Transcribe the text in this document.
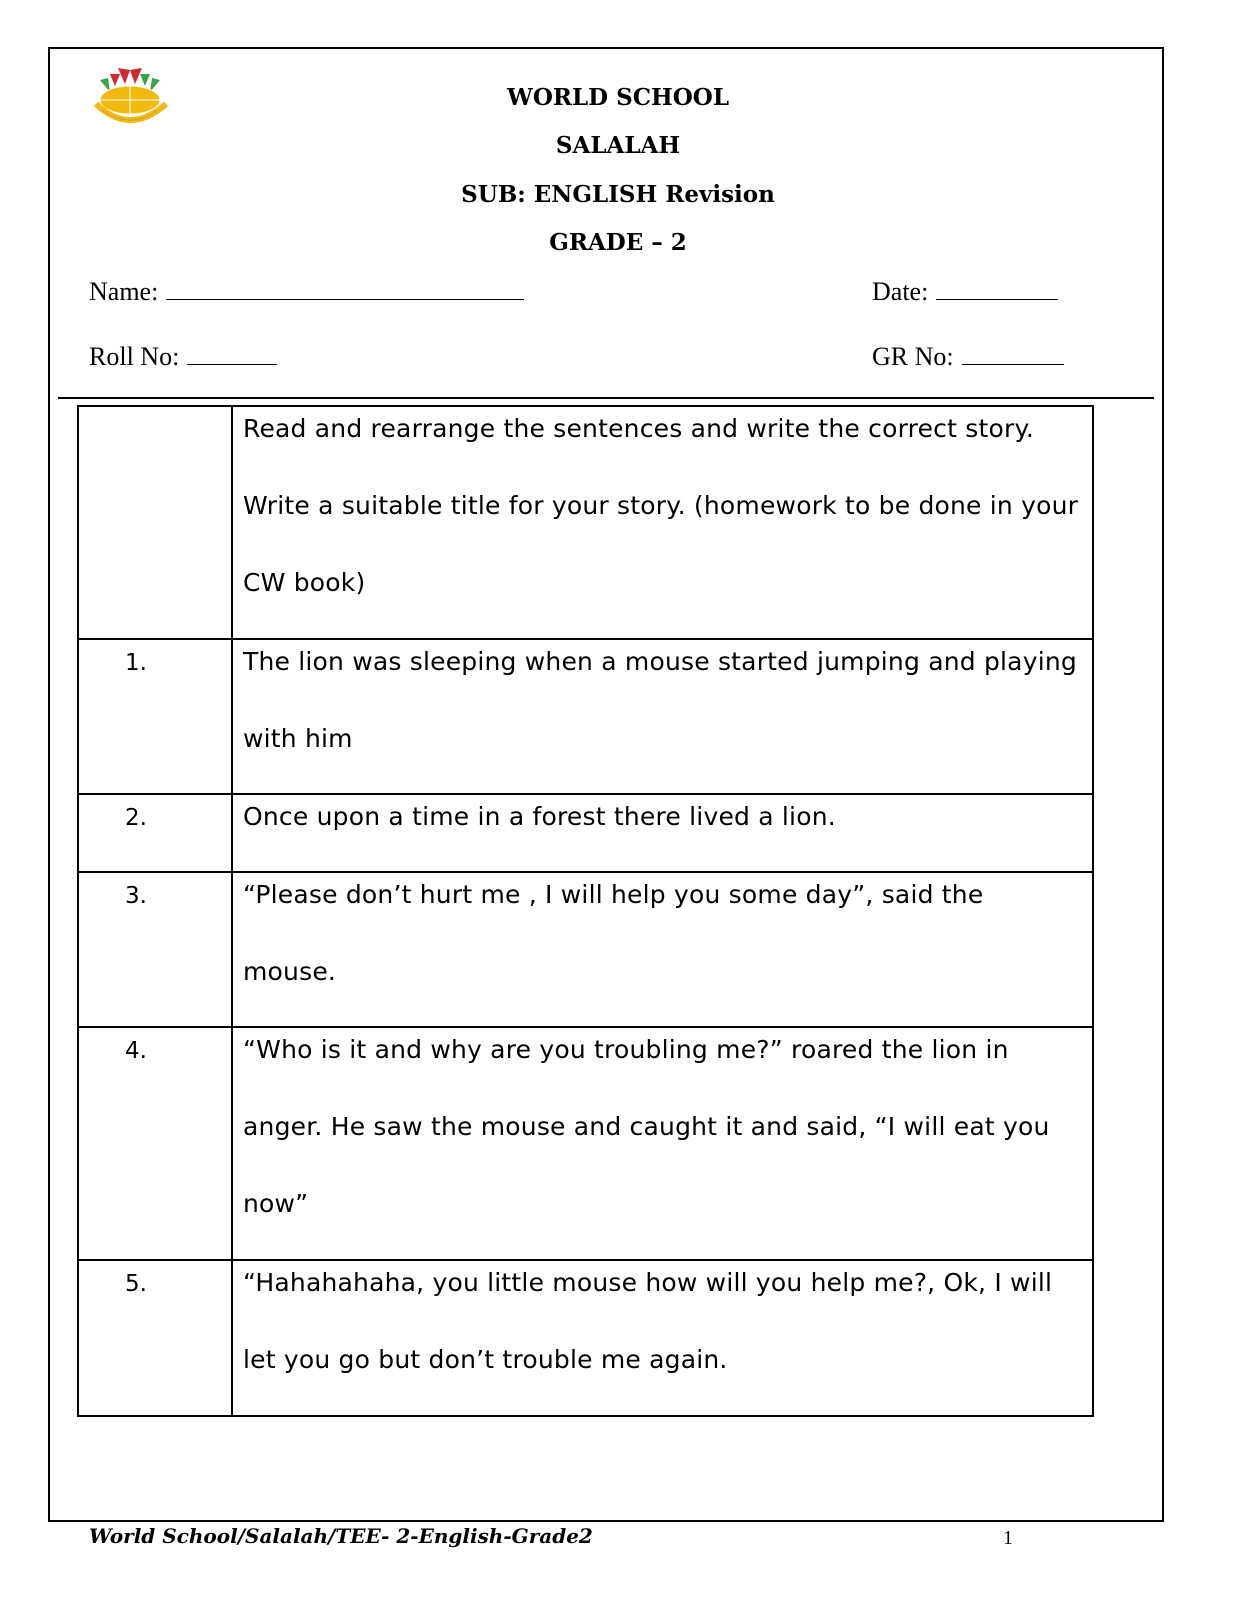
WORLD SCHOOL
SALALAH
SUB: ENGLISH Revision
GRADE – 2
Name:	Date:
Roll No:	GR No:

	Read and rearrange the sentences and write the correct story. Write a suitable title for your story. (homework to be done in your CW book)

1.	The lion was sleeping when a mouse started jumping and playing with him

2.	Once upon a time in a forest there lived a lion.

3.	“Please don’t hurt me , I will help you some day”, said the mouse.

4.	“Who is it and why are you troubling me?” roared the lion in anger. He saw the mouse and caught it and said, “I will eat you now”

5.	“Hahahahaha, you little mouse how will you help me?, Ok, I will let you go but don’t trouble me again.
World School/Salalah/TEE- 2-English-Grade2	1
